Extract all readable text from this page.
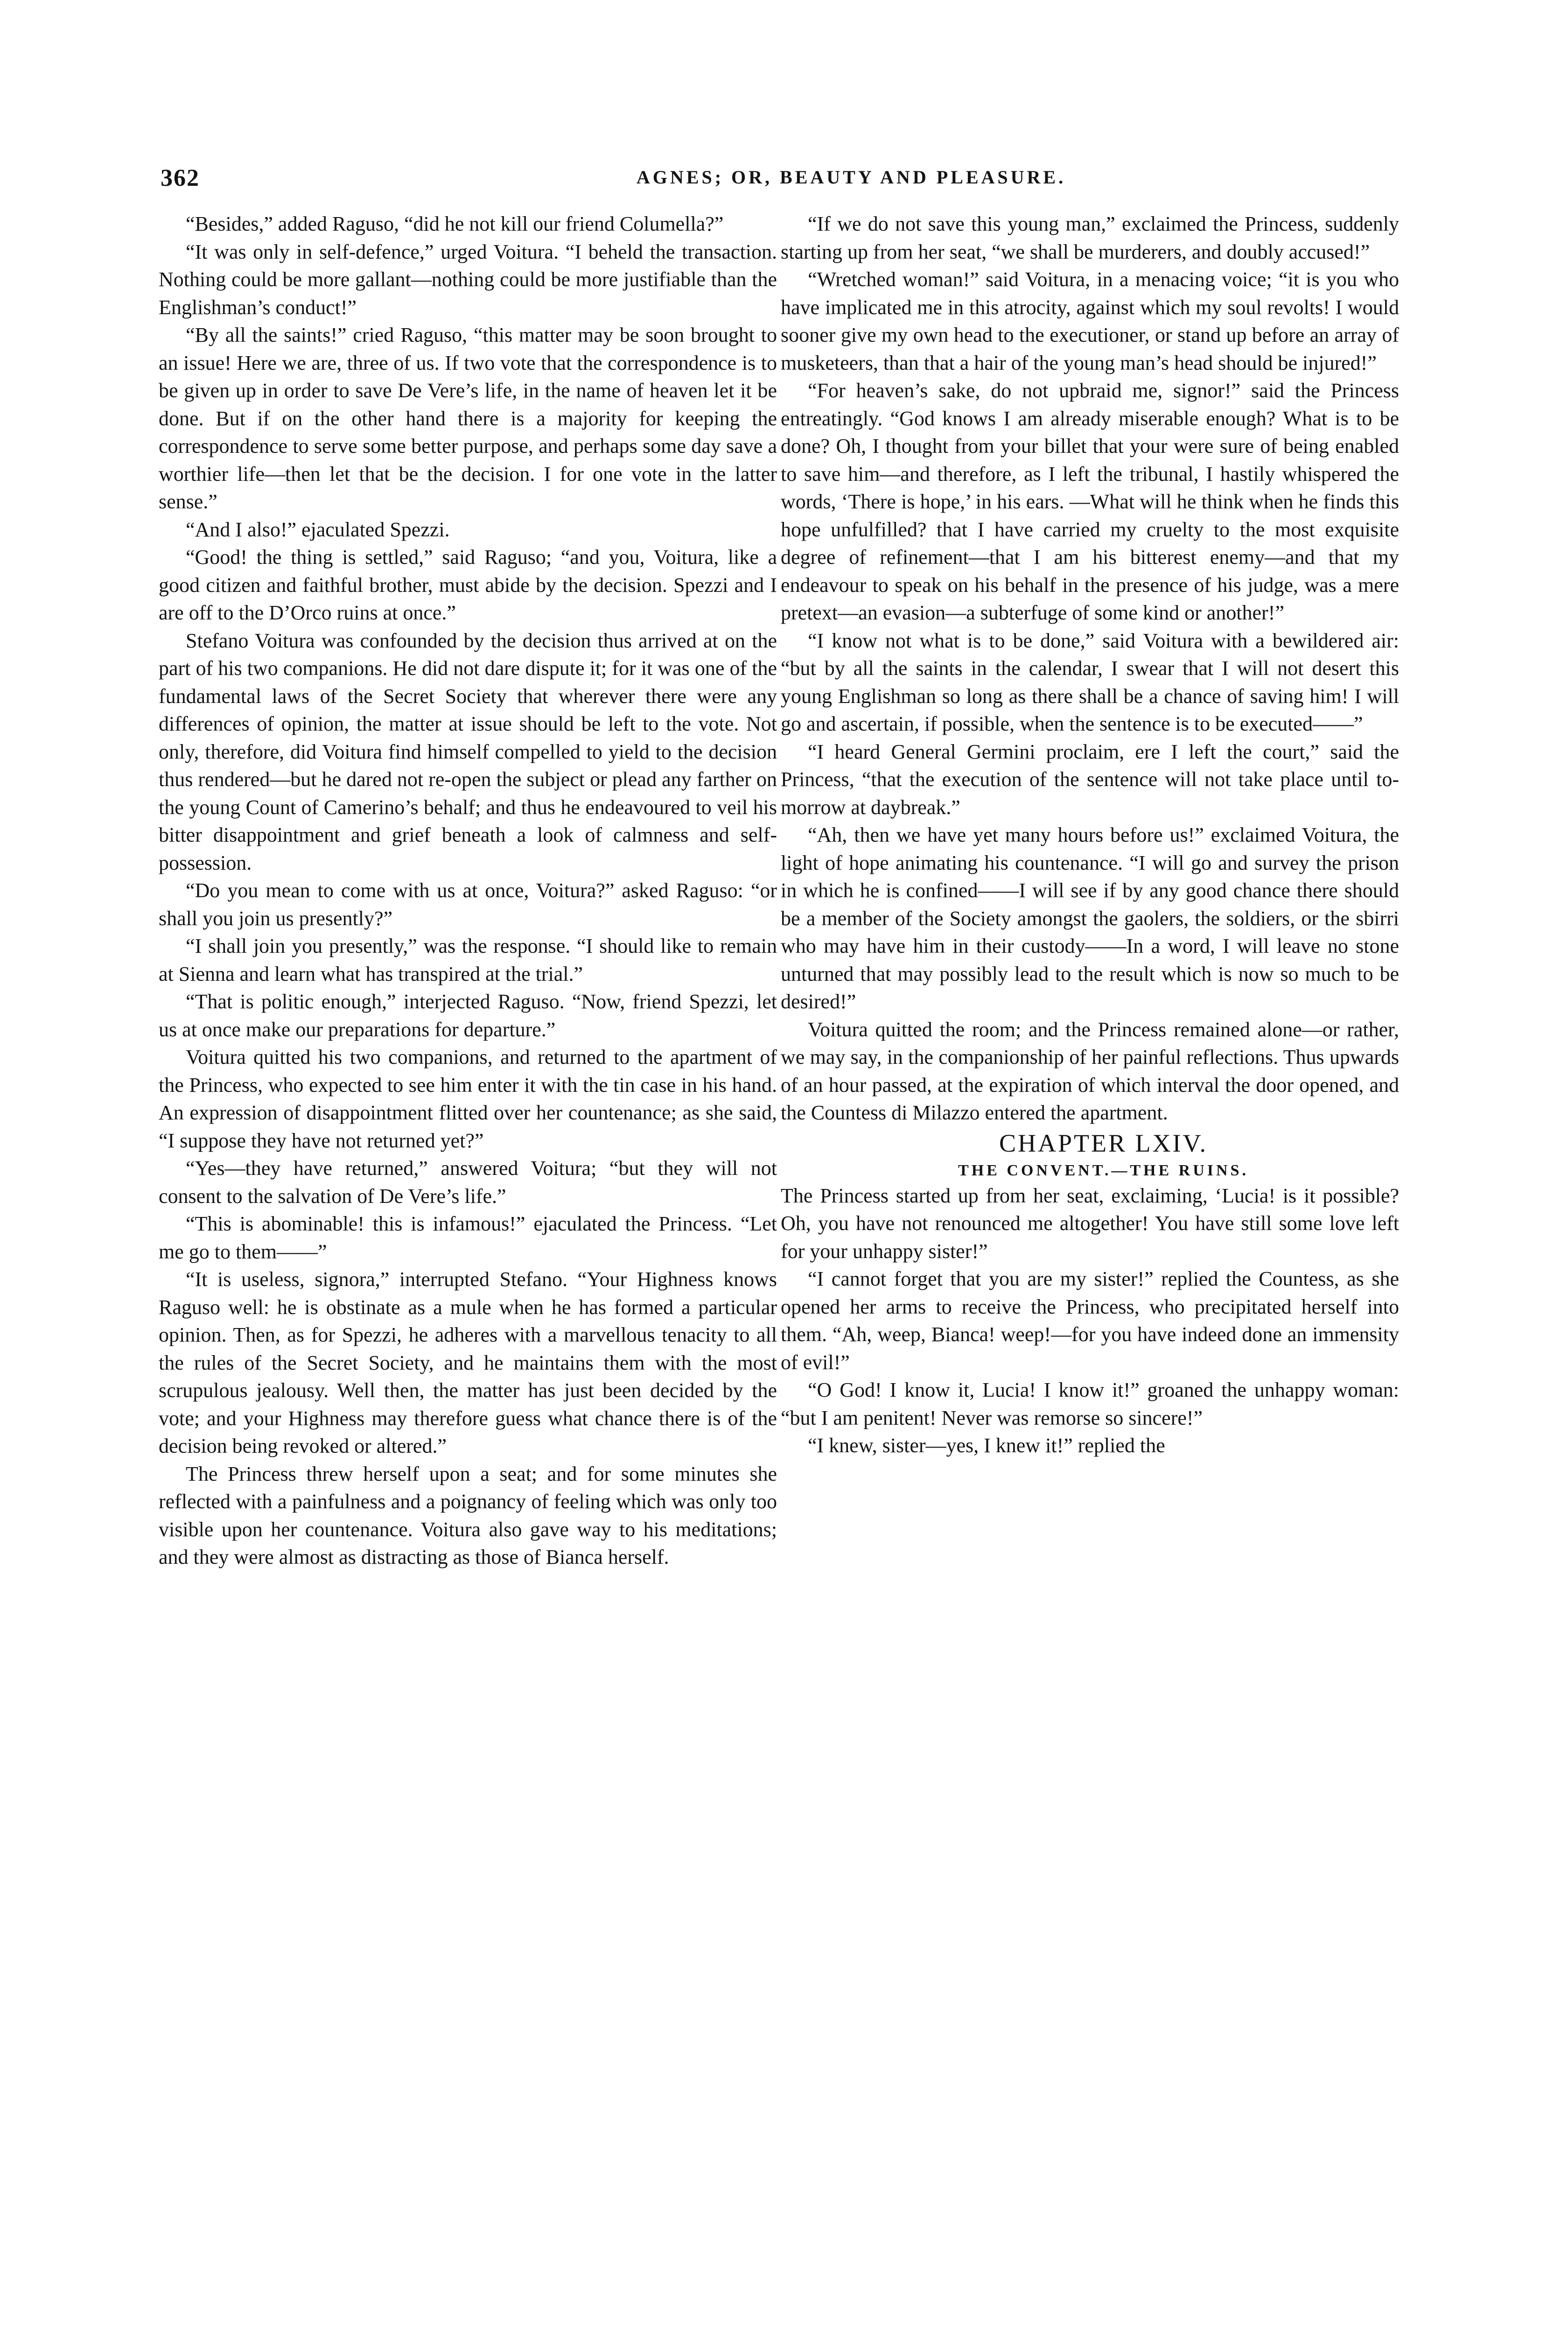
362	AGNES; OR, BEAUTY AND PLEASURE.

“Besides,” added Raguso, “did he not kill our friend Columella?”

“It was only in self-defence,” urged Voitura. “I beheld the transaction. Nothing could be more gallant—nothing could be more justifiable than the Englishman’s conduct!”

“By all the saints!” cried Raguso, “this matter may be soon brought to an issue! Here we are, three of us. If two vote that the correspondence is to be given up in order to save De Vere’s life, in the name of heaven let it be done. But if on the other hand there is a majority for keeping the correspondence to serve some better purpose, and perhaps some day save a worthier life—then let that be the decision. I for one vote in the latter sense.”

“And I also!” ejaculated Spezzi.

“Good! the thing is settled,” said Raguso; “and you, Voitura, like a good citizen and faithful brother, must abide by the decision. Spezzi and I are off to the D’Orco ruins at once.”

Stefano Voitura was confounded by the decision thus arrived at on the part of his two companions. He did not dare dispute it; for it was one of the fundamental laws of the Secret Society that wherever there were any differences of opinion, the matter at issue should be left to the vote. Not only, therefore, did Voitura find himself compelled to yield to the decision thus rendered—but he dared not re-open the subject or plead any farther on the young Count of Camerino’s behalf; and thus he endeavoured to veil his bitter disappointment and grief beneath a look of calmness and self-possession.

“Do you mean to come with us at once, Voitura?” asked Raguso: “or shall you join us presently?”

“I shall join you presently,” was the response. “I should like to remain at Sienna and learn what has transpired at the trial.”

“That is politic enough,” interjected Raguso. “Now, friend Spezzi, let us at once make our preparations for departure.”

Voitura quitted his two companions, and returned to the apartment of the Princess, who expected to see him enter it with the tin case in his hand. An expression of disappointment flitted over her countenance; as she said, “I suppose they have not returned yet?”

“Yes—they have returned,” answered Voitura; “but they will not consent to the salvation of De Vere’s life.”

“This is abominable! this is infamous!” ejaculated the Princess. “Let me go to them——”

“It is useless, signora,” interrupted Stefano. “Your Highness knows Raguso well: he is obstinate as a mule when he has formed a particular opinion. Then, as for Spezzi, he adheres with a marvellous tenacity to all the rules of the Secret Society, and he maintains them with the most scrupulous jealousy. Well then, the matter has just been decided by the vote; and your Highness may therefore guess what chance there is of the decision being revoked or altered.”

The Princess threw herself upon a seat; and for some minutes she reflected with a painfulness and a poignancy of feeling which was only too visible upon her countenance. Voitura also gave way to his meditations; and they were almost as distracting as those of Bianca herself.

“If we do not save this young man,” exclaimed the Princess, suddenly starting up from her seat, “we shall be murderers, and doubly accused!”

“Wretched woman!” said Voitura, in a menacing voice; “it is you who have implicated me in this atrocity, against which my soul revolts! I would sooner give my own head to the executioner, or stand up before an array of musketeers, than that a hair of the young man’s head should be injured!”

“For heaven’s sake, do not upbraid me, signor!” said the Princess entreatingly. “God knows I am already miserable enough? What is to be done? Oh, I thought from your billet that your were sure of being enabled to save him—and therefore, as I left the tribunal, I hastily whispered the words, ‘There is hope,’ in his ears. —What will he think when he finds this hope unfulfilled? that I have carried my cruelty to the most exquisite degree of refinement—that I am his bitterest enemy—and that my endeavour to speak on his behalf in the presence of his judge, was a mere pretext—an evasion—a subterfuge of some kind or another!”

“I know not what is to be done,” said Voitura with a bewildered air: “but by all the saints in the calendar, I swear that I will not desert this young Englishman so long as there shall be a chance of saving him! I will go and ascertain, if possible, when the sentence is to be executed——”

“I heard General Germini proclaim, ere I left the court,” said the Princess, “that the execution of the sentence will not take place until to-morrow at daybreak.”

“Ah, then we have yet many hours before us!” exclaimed Voitura, the light of hope animating his countenance. “I will go and survey the prison in which he is confined——I will see if by any good chance there should be a member of the Society amongst the gaolers, the soldiers, or the sbirri who may have him in their custody——In a word, I will leave no stone unturned that may possibly lead to the result which is now so much to be desired!”

Voitura quitted the room; and the Princess remained alone—or rather, we may say, in the companionship of her painful reflections. Thus upwards of an hour passed, at the expiration of which interval the door opened, and the Countess di Milazzo entered the apartment.

CHAPTER LXIV.

THE CONVENT.—THE RUINS.

The Princess started up from her seat, exclaiming, ‘Lucia! is it possible? Oh, you have not renounced me altogether! You have still some love left for your unhappy sister!”

“I cannot forget that you are my sister!” replied the Countess, as she opened her arms to receive the Princess, who precipitated herself into them. “Ah, weep, Bianca! weep!—for you have indeed done an immensity of evil!”

“O God! I know it, Lucia! I know it!” groaned the unhappy woman: “but I am penitent! Never was remorse so sincere!”

“I knew, sister—yes, I knew it!” replied the
